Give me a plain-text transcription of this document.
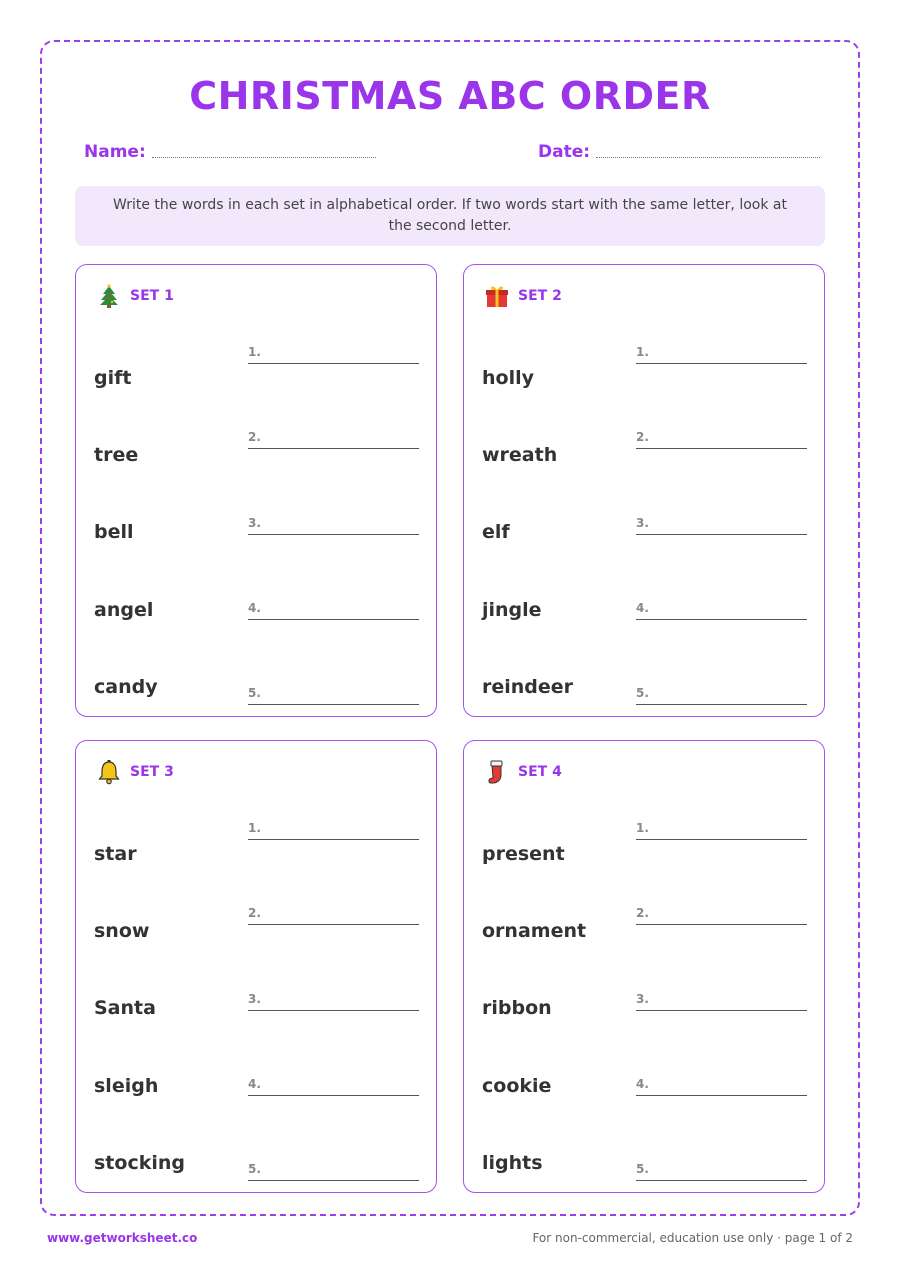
CHRISTMAS ABC ORDER
Name:	Date:
Write the words in each set in alphabetical order. If two words start with the same letter, look at the second letter.
SET 1
gift
tree
bell
angel
candy
1.
2.
3.
4.
5.
SET 2
holly
wreath
elf
jingle
reindeer
1.
2.
3.
4.
5.
SET 3
star
snow
Santa
sleigh
stocking
1.
2.
3.
4.
5.
SET 4
present
ornament
ribbon
cookie
lights
1.
2.
3.
4.
5.
www.getworksheet.co	For non-commercial, education use only · page 1 of 2
